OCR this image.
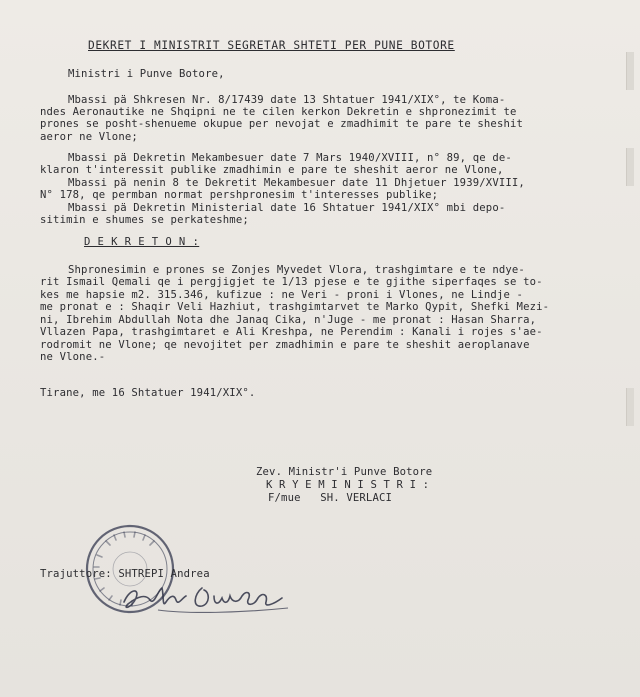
DEKRET I MINISTRIT SEGRETAR SHTETI PER PUNE BOTORE
Ministri i Punve Botore,
Mbassi pä Shkresen Nr. 8/17439 date 13 Shtatuer 1941/XIX°, te Koma-
ndes Aeronautike ne Shqipni ne te cilen kerkon Dekretin e shpronezimit te
prones se posht-shenueme okupue per nevojat e zmadhimit te pare te sheshit
aeror ne Vlone;
Mbassi pä Dekretin Mekambesuer date 7 Mars 1940/XVIII, n° 89, qe de-
klaron t'interessit publike zmadhimin e pare te sheshit aeror ne Vlone,
Mbassi pä nenin 8 te Dekretit Mekambesuer date 11 Dhjetuer 1939/XVIII,
N° 178, qe permban normat pershpronesim t'interesses publike;
Mbassi pä Dekretin Ministerial date 16 Shtatuer 1941/XIX° mbi depo-
sitimin e shumes se perkateshme;
D E K R E T O N :
Shpronesimin e prones se Zonjes Myvedet Vlora, trashgimtare e te ndye-
rit Ismail Qemali qe i pergjigjet te 1/13 pjese e te gjithe siperfaqes se to-
kes me hapsie m2. 315.346, kufizue : ne Veri - proni i Vlones, ne Lindje -
me pronat e : Shaqir Veli Hazhiut, trashgimtarvet te Marko Qypit, Shefki Mezi-
ni, Ibrehim Abdullah Nota dhe Janaq Cika, n'Juge - me pronat : Hasan Sharra,
Vllazen Papa, trashgimtaret e Ali Kreshpa, ne Perendim : Kanali i rojes s'ae-
rodromit ne Vlone; qe nevojitet per zmadhimin e pare te sheshit aeroplanave
ne Vlone.-
Tirane, me 16 Shtatuer 1941/XIX°.
Zev. Ministr'i Punve Botore
K R Y E M I N I S T R I :
F/mue   SH. VERLACI
Trajuttore: SHTREPI Andrea
